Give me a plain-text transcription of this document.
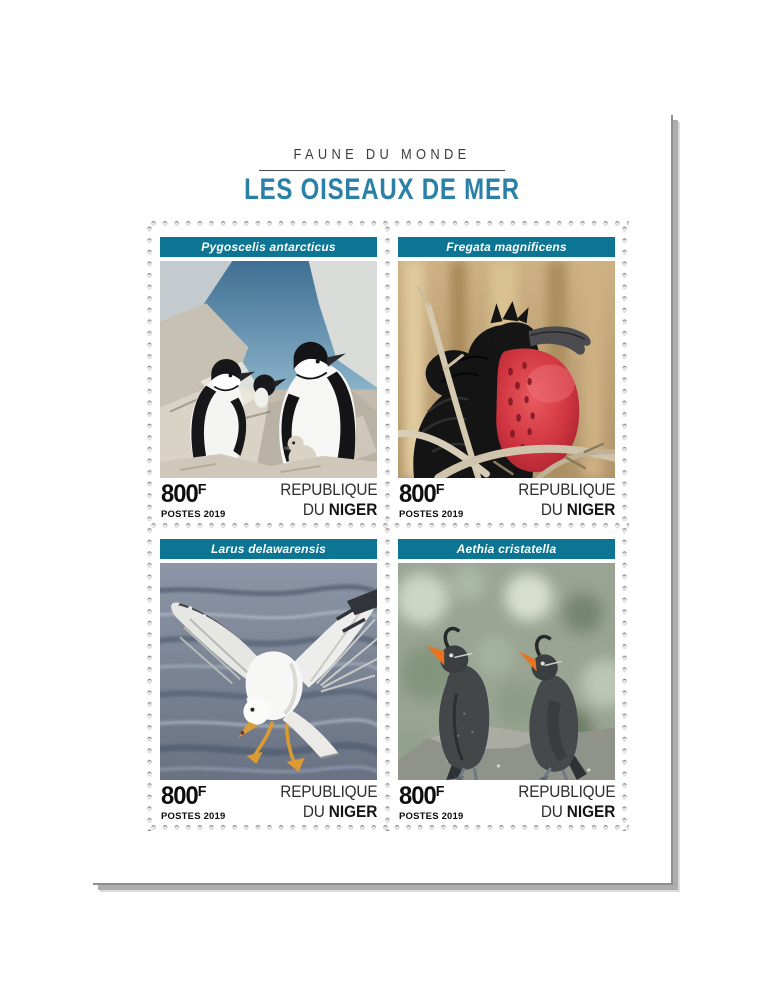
FAUNE DU MONDE
LES OISEAUX DE MER
Pygoscelis antarcticus
$800^F$
POSTES 2019
REPUBLIQUE
DU NIGER
Fregata magnificens
$800^F$
POSTES 2019
REPUBLIQUE
DU NIGER
Larus delawarensis
$800^F$
POSTES 2019
REPUBLIQUE
DU NIGER
Aethia cristatella
$800^F$
POSTES 2019
REPUBLIQUE
DU NIGER
